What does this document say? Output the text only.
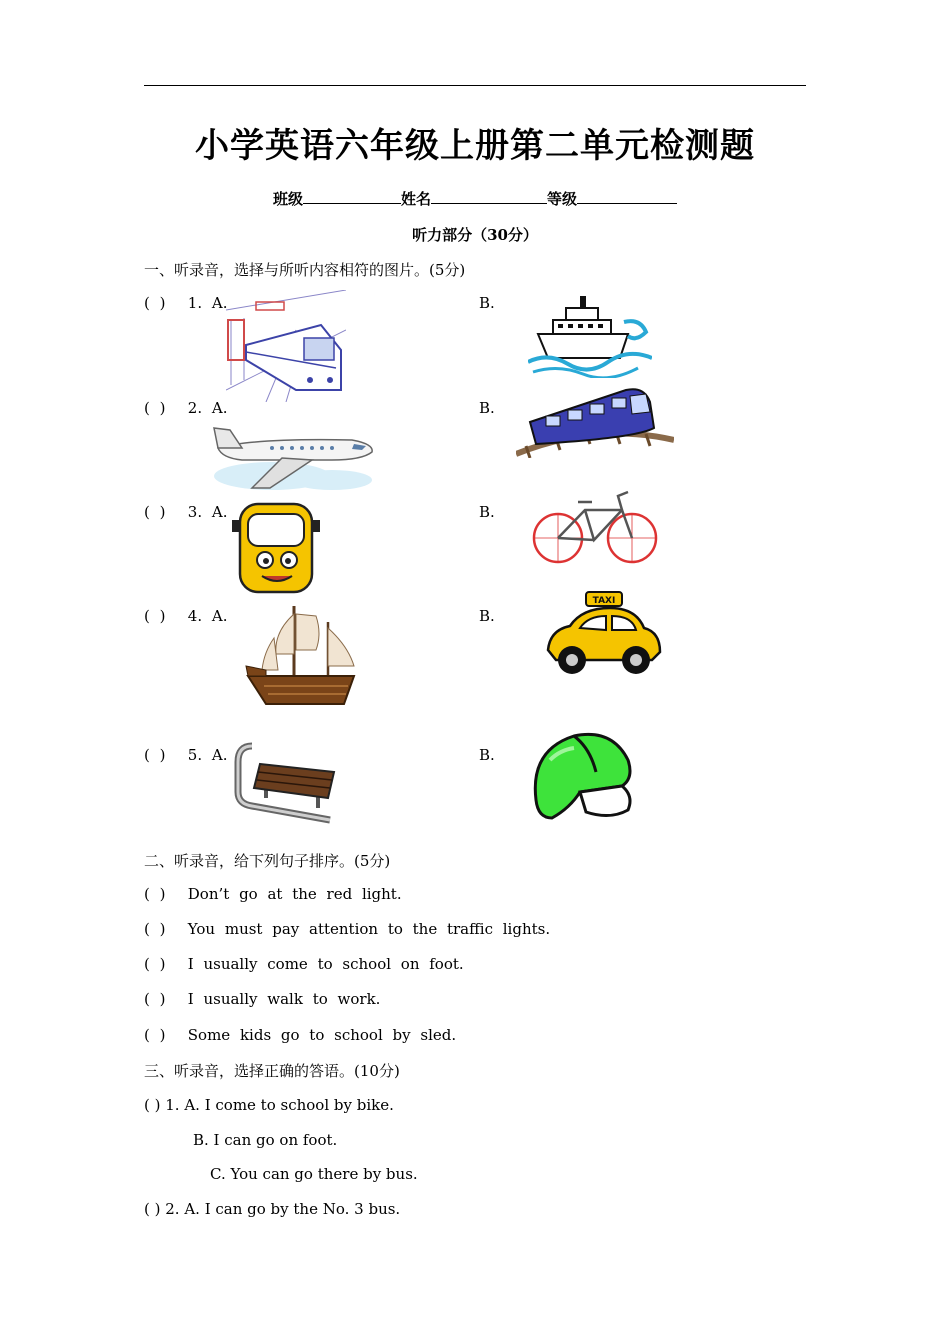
小学英语六年级上册第二单元检测题
班级	姓名	等级
听力部分（30分）
一、听录音，选择与所听内容相符的图片。(5分)
( ) 1. A.	B.
( ) 2. A.	B.
( ) 3. A.	B.
( ) 4. A.	B.
TAXI
( ) 5. A.	B.
二、听录音，给下列句子排序。(5分)
( ) Don’t go at the red light.
( ) You must pay attention to the traffic lights.
( ) I usually come to school on foot.
( ) I usually walk to work.
( ) Some kids go to school by sled.
三、听录音，选择正确的答语。(10分)
( ) 1. A. I come to school by bike.
B. I can go on foot.
C. You can go there by bus.
( ) 2. A. I can go by the No. 3 bus.
